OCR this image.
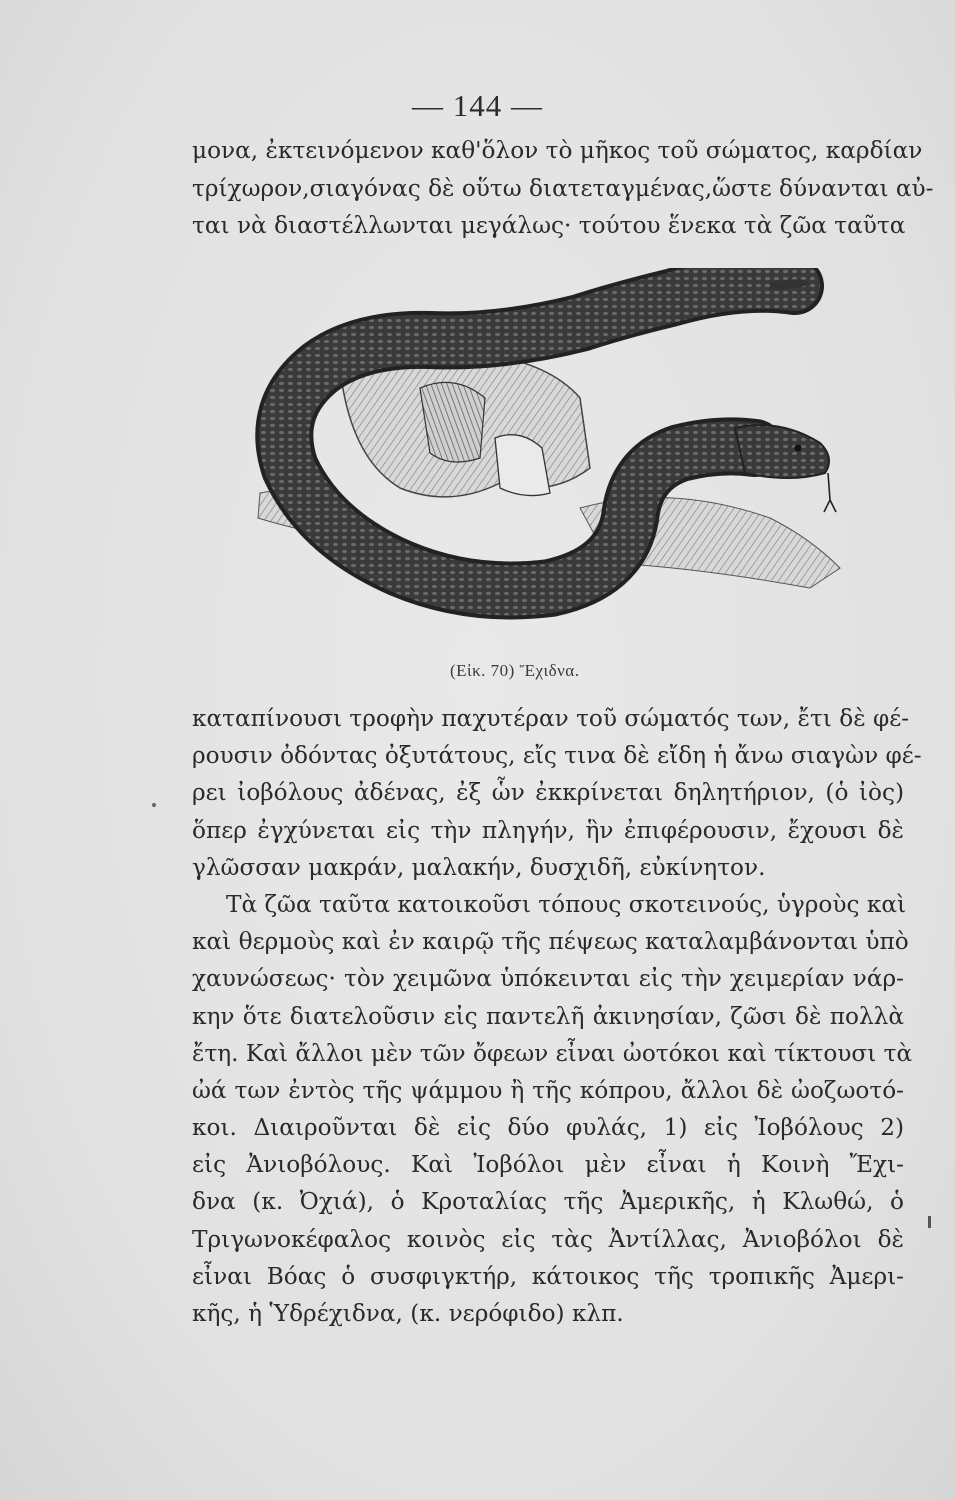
— 144 —
μονα, ἐκτεινόμενον καθ'ὅλον τὸ μῆκος τοῦ σώματος, καρδίαν
τρίχωρον,σιαγόνας δὲ οὕτω διατεταγμένας,ὥστε δύνανται αὐ-
ται νὰ διαστέλλωνται μεγάλως· τούτου ἕνεκα τὰ ζῶα ταῦτα
(Εἰκ. 70) Ἔχιδνα.
καταπίνουσι τροφὴν παχυτέραν τοῦ σώματός των, ἔτι δὲ φέ-
ρουσιν ὀδόντας ὀξυτάτους, εἴς τινα δὲ εἴδη ἡ ἄνω σιαγὼν φέ-
ρει ἰοβόλους ἀδένας, ἐξ ὧν ἐκκρίνεται δηλητήριον, (ὁ ἰὸς)
ὅπερ ἐγχύνεται εἰς τὴν πληγήν, ἣν ἐπιφέρουσιν, ἔχουσι δὲ
γλῶσσαν μακράν, μαλακήν, δυσχιδῆ, εὐκίνητον.
Τὰ ζῶα ταῦτα κατοικοῦσι τόπους σκοτεινούς, ὑγροὺς καὶ
καὶ θερμοὺς καὶ ἐν καιρῷ τῆς πέψεως καταλαμβάνονται ὑπὸ
χαυνώσεως· τὸν χειμῶνα ὑπόκεινται εἰς τὴν χειμερίαν νάρ-
κην ὅτε διατελοῦσιν εἰς παντελῆ ἀκινησίαν, ζῶσι δὲ πολλὰ
ἔτη. Καὶ ἄλλοι μὲν τῶν ὄφεων εἶναι ὠοτόκοι καὶ τίκτουσι τὰ
ὠά των ἐντὸς τῆς ψάμμου ἢ τῆς κόπρου, ἄλλοι δὲ ὠοζωοτό-
κοι. Διαιροῦνται δὲ εἰς δύο φυλάς, 1) εἰς Ἰοβόλους 2)
εἰς Ἀνιοβόλους. Καὶ Ἰοβόλοι μὲν εἶναι ἡ Κοινὴ Ἔχι-
δνα (κ. Ὀχιά), ὁ Κροταλίας τῆς Ἀμερικῆς, ἡ Κλωθώ, ὁ
Τριγωνοκέφαλος κοινὸς εἰς τὰς Ἀντίλλας, Ἀνιοβόλοι δὲ
εἶναι Βόας ὁ συσφιγκτήρ, κάτοικος τῆς τροπικῆς Ἀμερι-
κῆς, ἡ Ὑδρέχιδνα, (κ. νερόφιδο) κλπ.
